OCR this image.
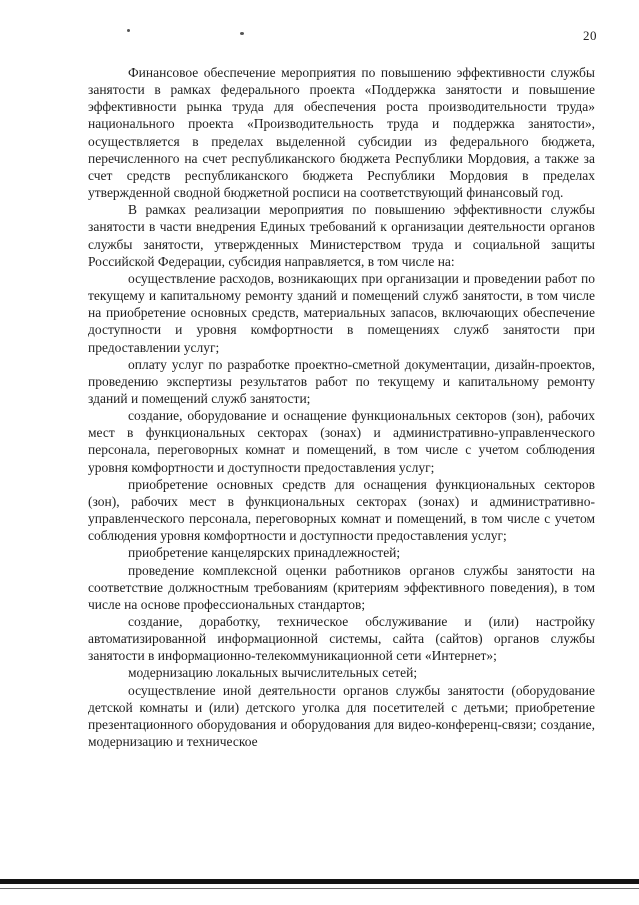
20

Финансовое обеспечение мероприятия по повышению эффективности службы занятости в рамках федерального проекта «Поддержка занятости и повышение эффективности рынка труда для обеспечения роста производительности труда» национального проекта «Производительность труда и поддержка занятости», осуществляется в пределах выделенной субсидии из федерального бюджета, перечисленного на счет республиканского бюджета Республики Мордовия, а также за счет средств республиканского бюджета Республики Мордовия в пределах утвержденной сводной бюджетной росписи на соответствующий финансовый год.

В рамках реализации мероприятия по повышению эффективности службы занятости в части внедрения Единых требований к организации деятельности органов службы занятости, утвержденных Министерством труда и социальной защиты Российской Федерации, субсидия направляется, в том числе на:

осуществление расходов, возникающих при организации и проведении работ по текущему и капитальному ремонту зданий и помещений служб занятости, в том числе на приобретение основных средств, материальных запасов, включающих обеспечение доступности и уровня комфортности в помещениях служб занятости при предоставлении услуг;

оплату услуг по разработке проектно-сметной документации, дизайн-проектов, проведению экспертизы результатов работ по текущему и капитальному ремонту зданий и помещений служб занятости;

создание, оборудование и оснащение функциональных секторов (зон), рабочих мест в функциональных секторах (зонах) и административно-управленческого персонала, переговорных комнат и помещений, в том числе с учетом соблюдения уровня комфортности и доступности предоставления услуг;

приобретение основных средств для оснащения функциональных секторов (зон), рабочих мест в функциональных секторах (зонах) и административно-управленческого персонала, переговорных комнат и помещений, в том числе с учетом соблюдения уровня комфортности и доступности предоставления услуг;

приобретение канцелярских принадлежностей;

проведение комплексной оценки работников органов службы занятости на соответствие должностным требованиям (критериям эффективного поведения), в том числе на основе профессиональных стандартов;

создание, доработку, техническое обслуживание и (или) настройку автоматизированной информационной системы, сайта (сайтов) органов службы занятости в информационно-телекоммуникационной сети «Интернет»;

модернизацию локальных вычислительных сетей;

осуществление иной деятельности органов службы занятости (оборудование детской комнаты и (или) детского уголка для посетителей с детьми; приобретение презентационного оборудования и оборудования для видео-конференц-связи; создание, модернизацию и техническое
